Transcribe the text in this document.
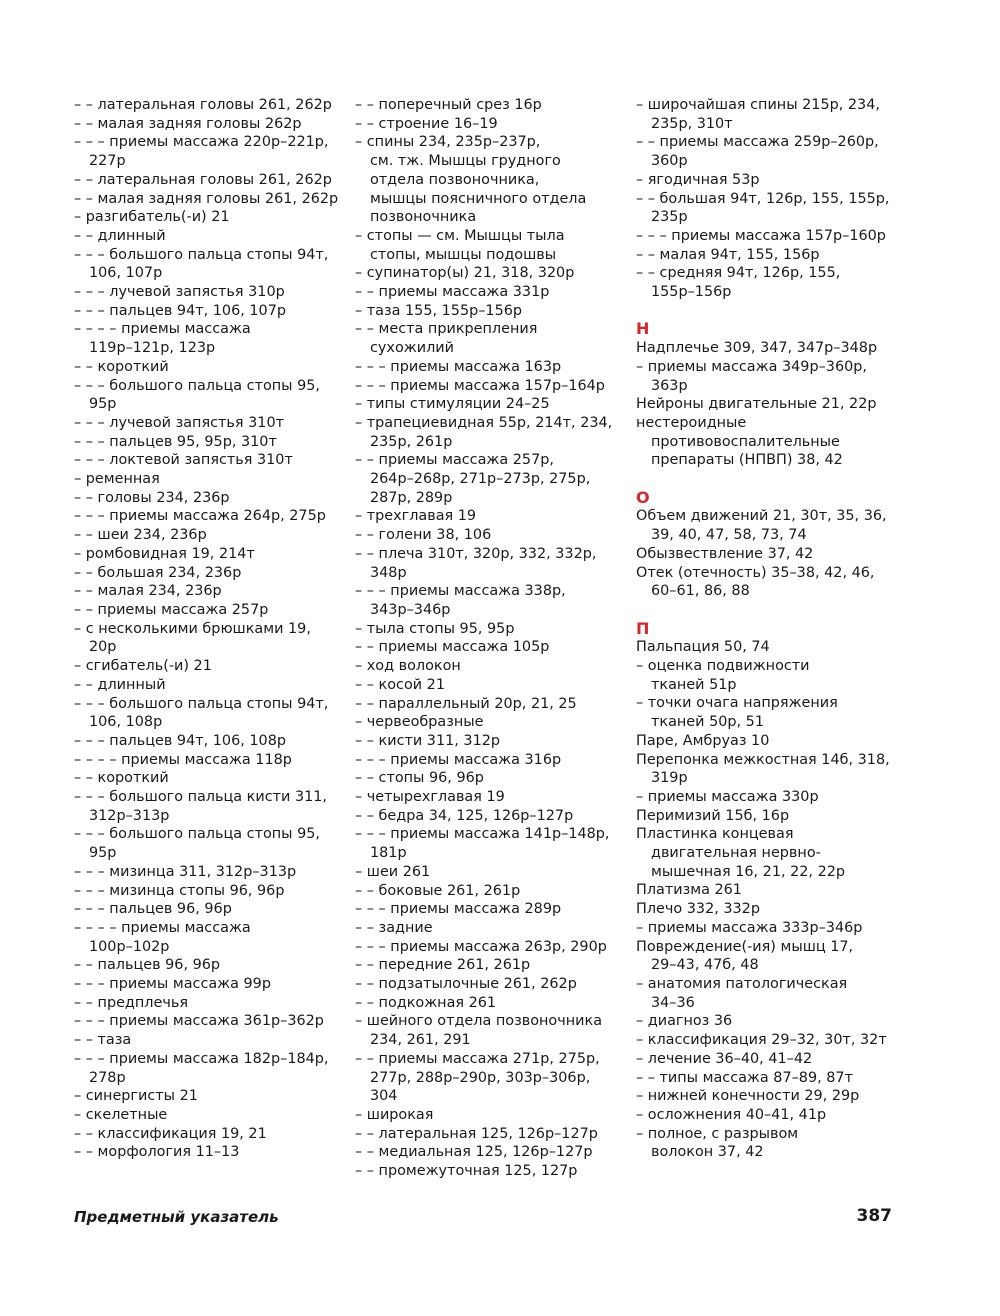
– – латеральная головы 261, 262р
– – малая задняя головы 262р
– – – приемы массажа 220р–221р,
227р
– – латеральная головы 261, 262р
– – малая задняя головы 261, 262р
– разгибатель(-и) 21
– – длинный
– – – большого пальца стопы 94т,
106, 107р
– – – лучевой запястья 310р
– – – пальцев 94т, 106, 107р
– – – – приемы массажа
119р–121р, 123р
– – короткий
– – – большого пальца стопы 95,
95р
– – – лучевой запястья 310т
– – – пальцев 95, 95р, 310т
– – – локтевой запястья 310т
– ременная
– – головы 234, 236р
– – – приемы массажа 264р, 275р
– – шеи 234, 236р
– ромбовидная 19, 214т
– – большая 234, 236р
– – малая 234, 236р
– – приемы массажа 257р
– с несколькими брюшками 19,
20р
– сгибатель(-и) 21
– – длинный
– – – большого пальца стопы 94т,
106, 108р
– – – пальцев 94т, 106, 108р
– – – – приемы массажа 118р
– – короткий
– – – большого пальца кисти 311,
312р–313р
– – – большого пальца стопы 95,
95р
– – – мизинца 311, 312р–313р
– – – мизинца стопы 96, 96р
– – – пальцев 96, 96р
– – – – приемы массажа
100р–102р
– – пальцев 96, 96р
– – – приемы массажа 99р
– – предплечья
– – – приемы массажа 361р–362р
– – таза
– – – приемы массажа 182р–184р,
278р
– синергисты 21
– скелетные
– – классификация 19, 21
– – морфология 11–13
– – поперечный срез 16р
– – строение 16–19
– спины 234, 235р–237р,
см. тж. Мышцы грудного
отдела позвоночника,
мышцы поясничного отдела
позвоночника
– стопы — см. Мышцы тыла
стопы, мышцы подошвы
– супинатор(ы) 21, 318, 320р
– – приемы массажа 331р
– таза 155, 155р–156р
– – места прикрепления
сухожилий
– – – приемы массажа 163р
– – – приемы массажа 157р–164р
– типы стимуляции 24–25
– трапециевидная 55р, 214т, 234,
235р, 261р
– – приемы массажа 257р,
264р–268р, 271р–273р, 275р,
287р, 289р
– трехглавая 19
– – голени 38, 106
– – плеча 310т, 320р, 332, 332р,
348р
– – – приемы массажа 338р,
343р–346р
– тыла стопы 95, 95р
– – приемы массажа 105р
– ход волокон
– – косой 21
– – параллельный 20р, 21, 25
– червеобразные
– – кисти 311, 312р
– – – приемы массажа 316р
– – стопы 96, 96р
– четырехглавая 19
– – бедра 34, 125, 126р–127р
– – – приемы массажа 141р–148р,
181р
– шеи 261
– – боковые 261, 261р
– – – приемы массажа 289р
– – задние
– – – приемы массажа 263р, 290р
– – передние 261, 261р
– – подзатылочные 261, 262р
– – подкожная 261
– шейного отдела позвоночника
234, 261, 291
– – приемы массажа 271р, 275р,
277р, 288р–290р, 303р–306р,
304
– широкая
– – латеральная 125, 126р–127р
– – медиальная 125, 126р–127р
– – промежуточная 125, 127р
– широчайшая спины 215р, 234,
235р, 310т
– – приемы массажа 259р–260р,
360р
– ягодичная 53р
– – большая 94т, 126р, 155, 155р,
235р
– – – приемы массажа 157р–160р
– – малая 94т, 155, 156р
– – средняя 94т, 126р, 155,
155р–156р
Н
Надплечье 309, 347, 347р–348р
– приемы массажа 349р–360р,
363р
Нейроны двигательные 21, 22р
нестероидные
противовоспалительные
препараты (НПВП) 38, 42
О
Объем движений 21, 30т, 35, 36,
39, 40, 47, 58, 73, 74
Обызвествление 37, 42
Отек (отечность) 35–38, 42, 46,
60–61, 86, 88
П
Пальпация 50, 74
– оценка подвижности
тканей 51р
– точки очага напряжения
тканей 50р, 51
Паре, Амбруаз 10
Перепонка межкостная 14б, 318,
319р
– приемы массажа 330р
Перимизий 15б, 16р
Пластинка концевая
двигательная нервно-
мышечная 16, 21, 22, 22р
Платизма 261
Плечо 332, 332р
– приемы массажа 333р–346р
Повреждение(-ия) мышц 17,
29–43, 47б, 48
– анатомия патологическая
34–36
– диагноз 36
– классификация 29–32, 30т, 32т
– лечение 36–40, 41–42
– – типы массажа 87–89, 87т
– нижней конечности 29, 29р
– осложнения 40–41, 41р
– полное, с разрывом
волокон 37, 42
Предметный указатель	387
